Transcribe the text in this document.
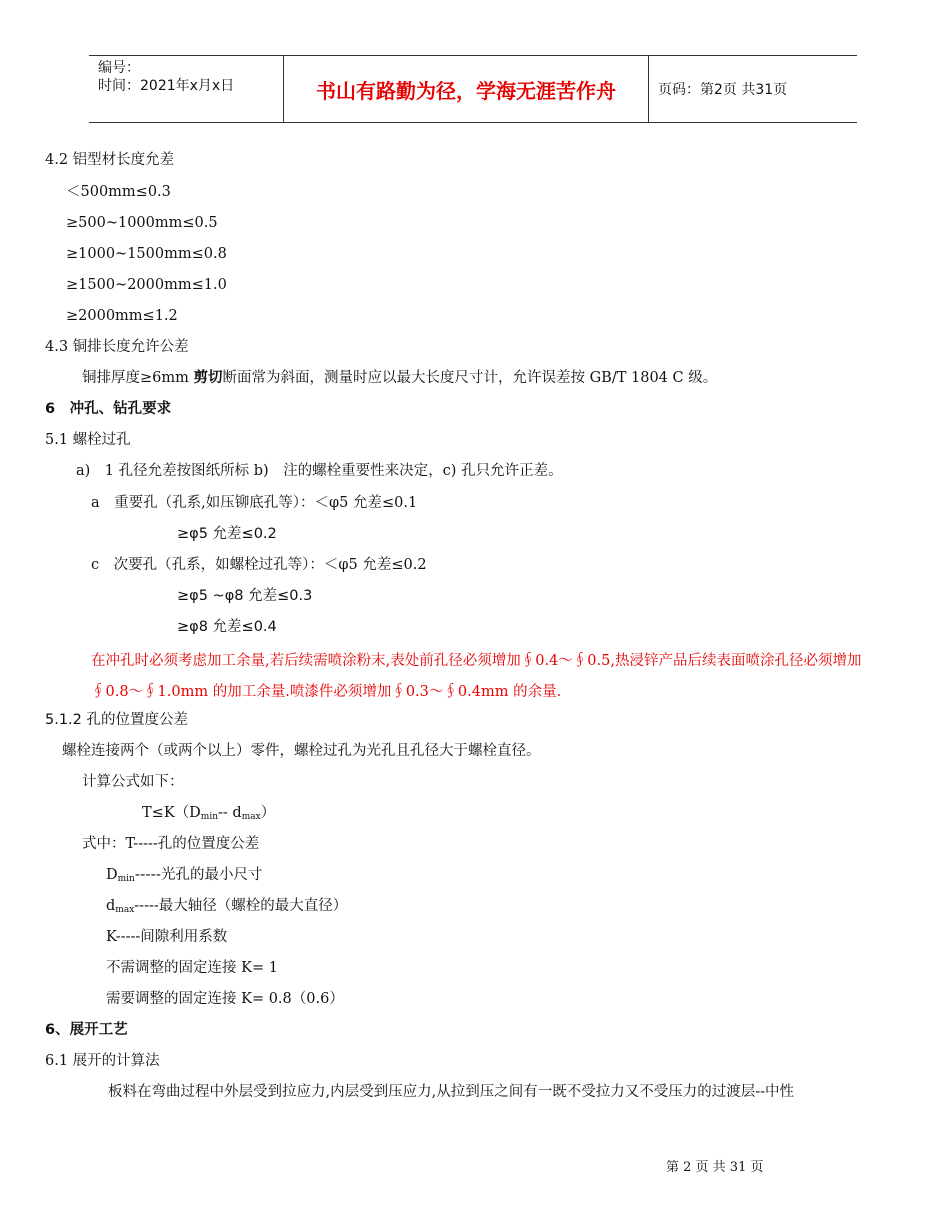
编号：
时间：2021年x月x日	书山有路勤为径，学海无涯苦作舟	页码：第2页 共31页
4.2 铝型材长度允差
＜500mm≤0.3
≥500~1000mm≤0.5
≥1000~1500mm≤0.8
≥1500~2000mm≤1.0
≥2000mm≤1.2
4.3 铜排长度允许公差
铜排厚度≥6mm 剪切断面常为斜面，测量时应以最大长度尺寸计，允许误差按 GB/T 1804 C 级。
6　冲孔、钻孔要求
5.1 螺栓过孔
a)　1 孔径允差按图纸所标 b)　注的螺栓重要性来决定，c) 孔只允许正差。
a　重要孔（孔系,如压铆底孔等）：＜φ5 允差≤0.1
≥φ5 允差≤0.2
c　次要孔（孔系，如螺栓过孔等）：＜φ5 允差≤0.2
≥φ5 ~φ8 允差≤0.3
≥φ8 允差≤0.4
在冲孔时必须考虑加工余量,若后续需喷涂粉末,表处前孔径必须增加∮0.4～∮0.5,热浸锌产品后续表面喷涂孔径必须增加∮0.8～∮1.0mm 的加工余量.喷漆件必须增加∮0.3～∮0.4mm 的余量.
5.1.2 孔的位置度公差
螺栓连接两个（或两个以上）零件，螺栓过孔为光孔且孔径大于螺栓直径。
计算公式如下：
$T\le K(D_{min}--$ $d_{max}$）
式中：T-----孔的位置度公差
$D_{min}-----$光孔的最小尺寸
$d_{max}-----$最大轴径（螺栓的最大直径）
K-----间隙利用系数
不需调整的固定连接 K= 1
需要调整的固定连接 K= 0.8（0.6）
6、展开工艺
6.1 展开的计算法
板料在弯曲过程中外层受到拉应力,内层受到压应力,从拉到压之间有一既不受拉力又不受压力的过渡层--中性
第 2 页 共 31 页
